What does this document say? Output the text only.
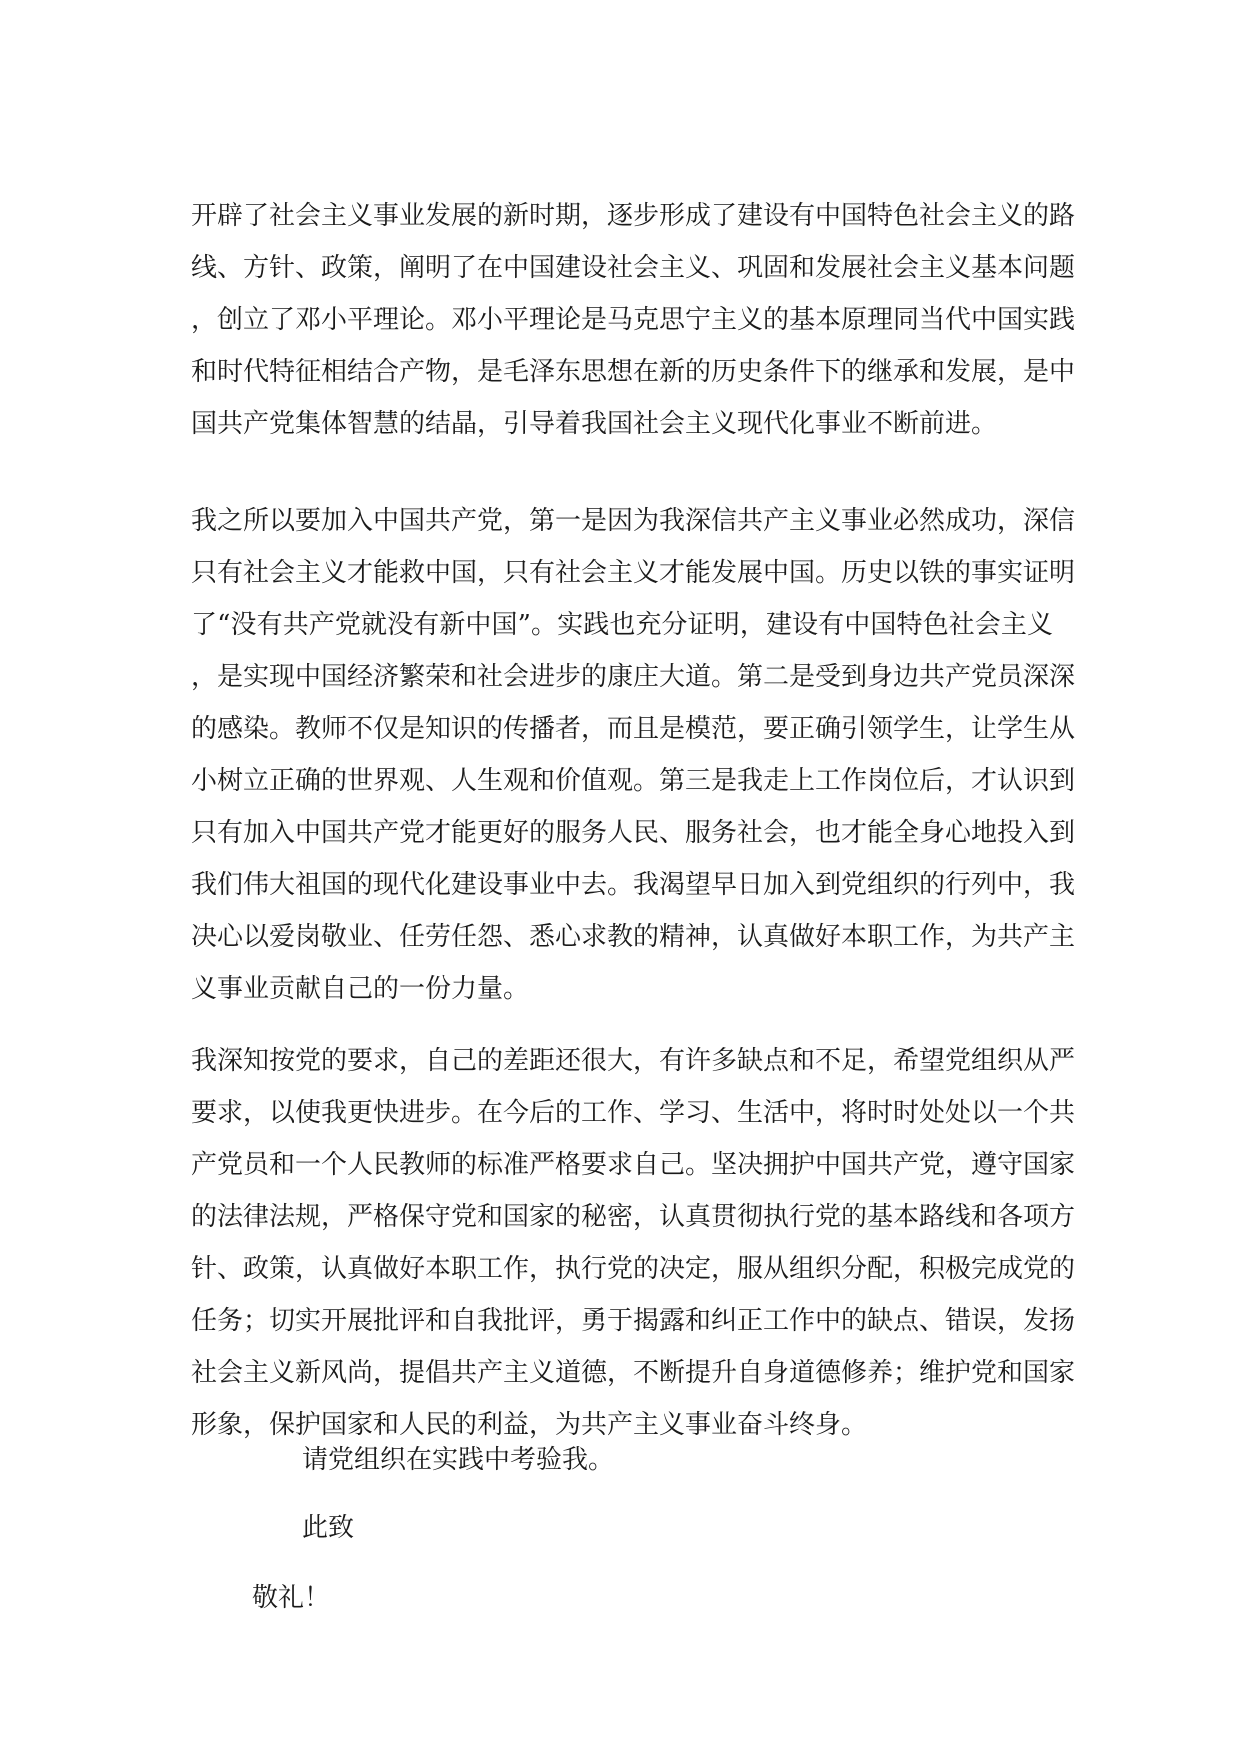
开辟了社会主义事业发展的新时期，逐步形成了建设有中国特色社会主义的路
线、方针、政策，阐明了在中国建设社会主义、巩固和发展社会主义基本问题
，创立了邓小平理论。邓小平理论是马克思宁主义的基本原理同当代中国实践
和时代特征相结合产物，是毛泽东思想在新的历史条件下的继承和发展，是中
国共产党集体智慧的结晶，引导着我国社会主义现代化事业不断前进。
我之所以要加入中国共产党，第一是因为我深信共产主义事业必然成功，深信
只有社会主义才能救中国，只有社会主义才能发展中国。历史以铁的事实证明
了“没有共产党就没有新中国”。实践也充分证明，建设有中国特色社会主义
，是实现中国经济繁荣和社会进步的康庄大道。第二是受到身边共产党员深深
的感染。教师不仅是知识的传播者，而且是模范，要正确引领学生，让学生从
小树立正确的世界观、人生观和价值观。第三是我走上工作岗位后，才认识到
只有加入中国共产党才能更好的服务人民、服务社会，也才能全身心地投入到
我们伟大祖国的现代化建设事业中去。我渴望早日加入到党组织的行列中，我
决心以爱岗敬业、任劳任怨、悉心求教的精神，认真做好本职工作，为共产主
义事业贡献自己的一份力量。
我深知按党的要求，自己的差距还很大，有许多缺点和不足，希望党组织从严
要求，以使我更快进步。在今后的工作、学习、生活中，将时时处处以一个共
产党员和一个人民教师的标准严格要求自己。坚决拥护中国共产党，遵守国家
的法律法规，严格保守党和国家的秘密，认真贯彻执行党的基本路线和各项方
针、政策，认真做好本职工作，执行党的决定，服从组织分配，积极完成党的
任务；切实开展批评和自我批评，勇于揭露和纠正工作中的缺点、错误，发扬
社会主义新风尚，提倡共产主义道德，不断提升自身道德修养；维护党和国家
形象，保护国家和人民的利益，为共产主义事业奋斗终身。
请党组织在实践中考验我。
此致
敬礼！
